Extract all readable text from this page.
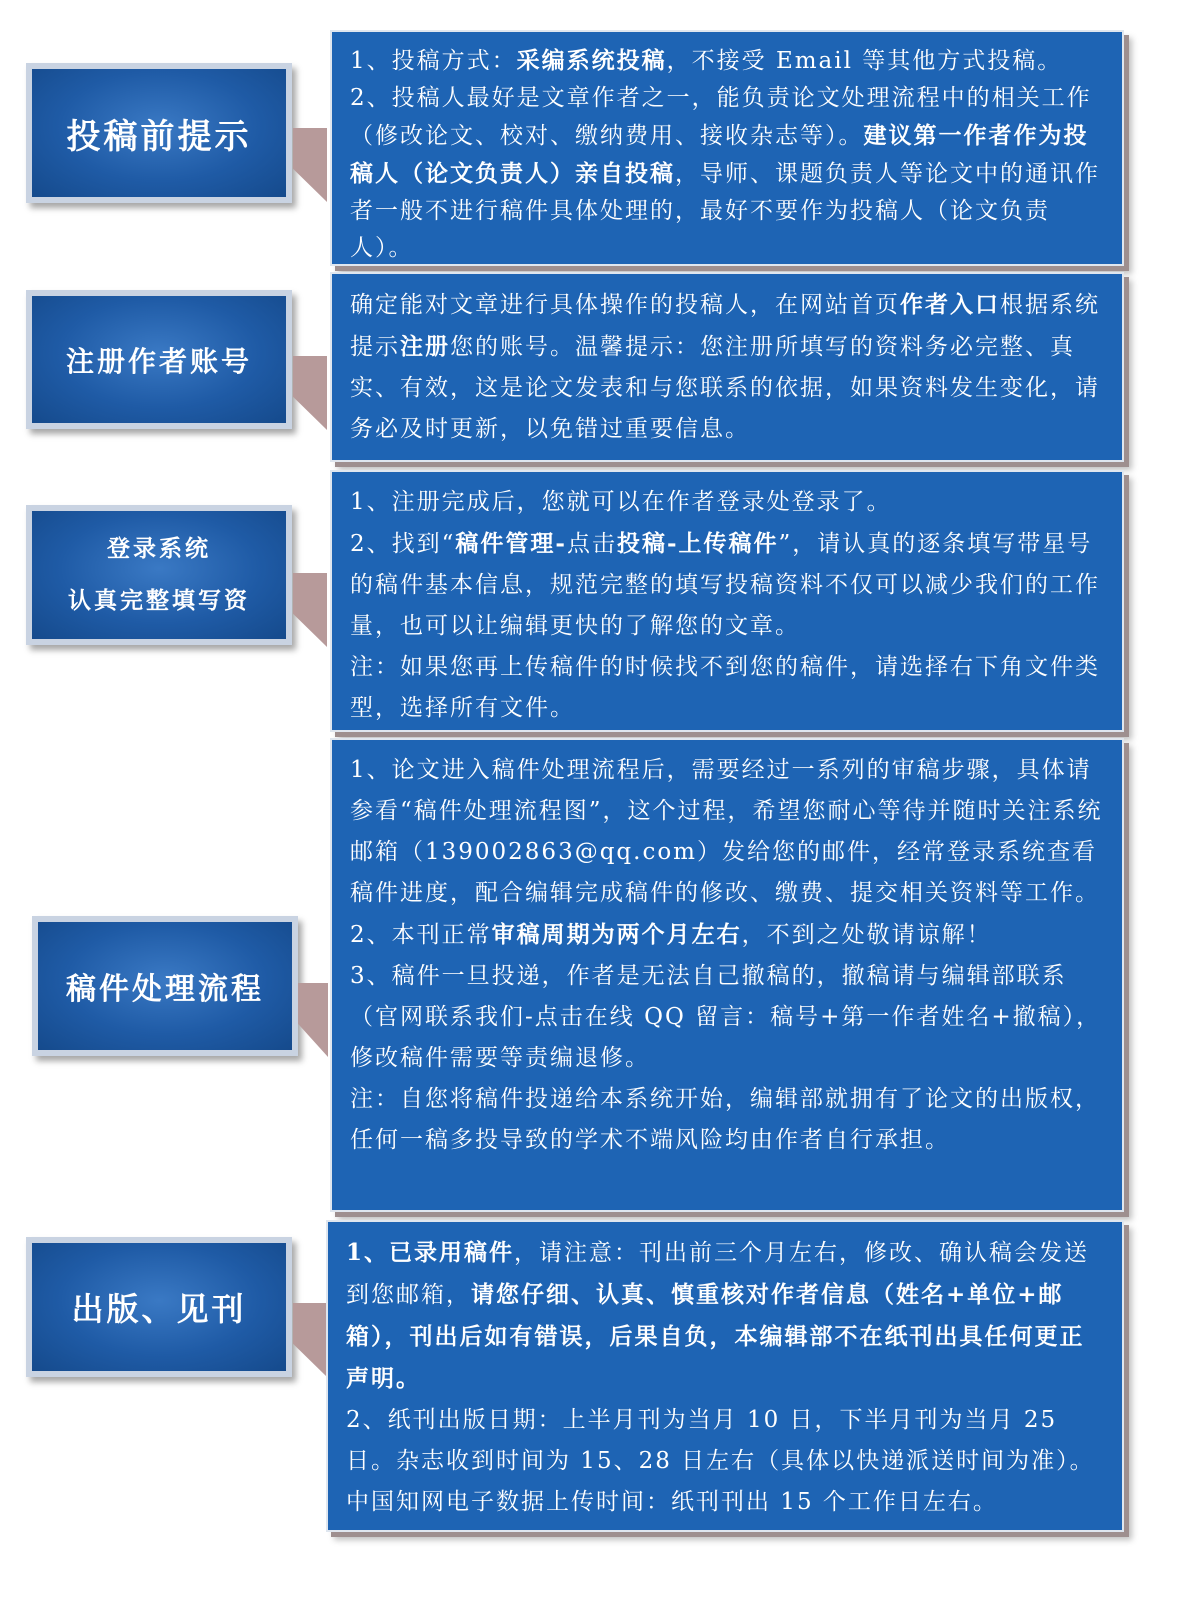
投稿前提示

1、投稿方式：采编系统投稿，不接受 Email 等其他方式投稿。

2、投稿人最好是文章作者之一，能负责论文处理流程中的相关工作（修改论文、校对、缴纳费用、接收杂志等）。建议第一作者作为投稿人（论文负责人）亲自投稿，导师、课题负责人等论文中的通讯作者一般不进行稿件具体处理的，最好不要作为投稿人（论文负责人）。

注册作者账号

确定能对文章进行具体操作的投稿人，在网站首页作者入口根据系统提示注册您的账号。温馨提示：您注册所填写的资料务必完整、真实、有效，这是论文发表和与您联系的依据，如果资料发生变化，请务必及时更新，以免错过重要信息。

登录系统
认真完整填写资

1、注册完成后，您就可以在作者登录处登录了。

2、找到“稿件管理-点击投稿-上传稿件”，请认真的逐条填写带星号的稿件基本信息，规范完整的填写投稿资料不仅可以减少我们的工作量，也可以让编辑更快的了解您的文章。

注：如果您再上传稿件的时候找不到您的稿件，请选择右下角文件类型，选择所有文件。

稿件处理流程

1、论文进入稿件处理流程后，需要经过一系列的审稿步骤，具体请参看“稿件处理流程图”，这个过程，希望您耐心等待并随时关注系统邮箱（139002863@qq.com）发给您的邮件，经常登录系统查看稿件进度，配合编辑完成稿件的修改、缴费、提交相关资料等工作。

2、本刊正常审稿周期为两个月左右，不到之处敬请谅解！

3、稿件一旦投递，作者是无法自己撤稿的，撤稿请与编辑部联系（官网联系我们-点击在线 QQ 留言：稿号+第一作者姓名+撤稿），修改稿件需要等责编退修。

注：自您将稿件投递给本系统开始，编辑部就拥有了论文的出版权，任何一稿多投导致的学术不端风险均由作者自行承担。

出版、见刊

1、已录用稿件，请注意：刊出前三个月左右，修改、确认稿会发送到您邮箱，请您仔细、认真、慎重核对作者信息（姓名+单位+邮箱），刊出后如有错误，后果自负，本编辑部不在纸刊出具任何更正声明。

2、纸刊出版日期：上半月刊为当月 10 日，下半月刊为当月 25 日。杂志收到时间为 15、28 日左右（具体以快递派送时间为准）。中国知网电子数据上传时间：纸刊刊出 15 个工作日左右。
